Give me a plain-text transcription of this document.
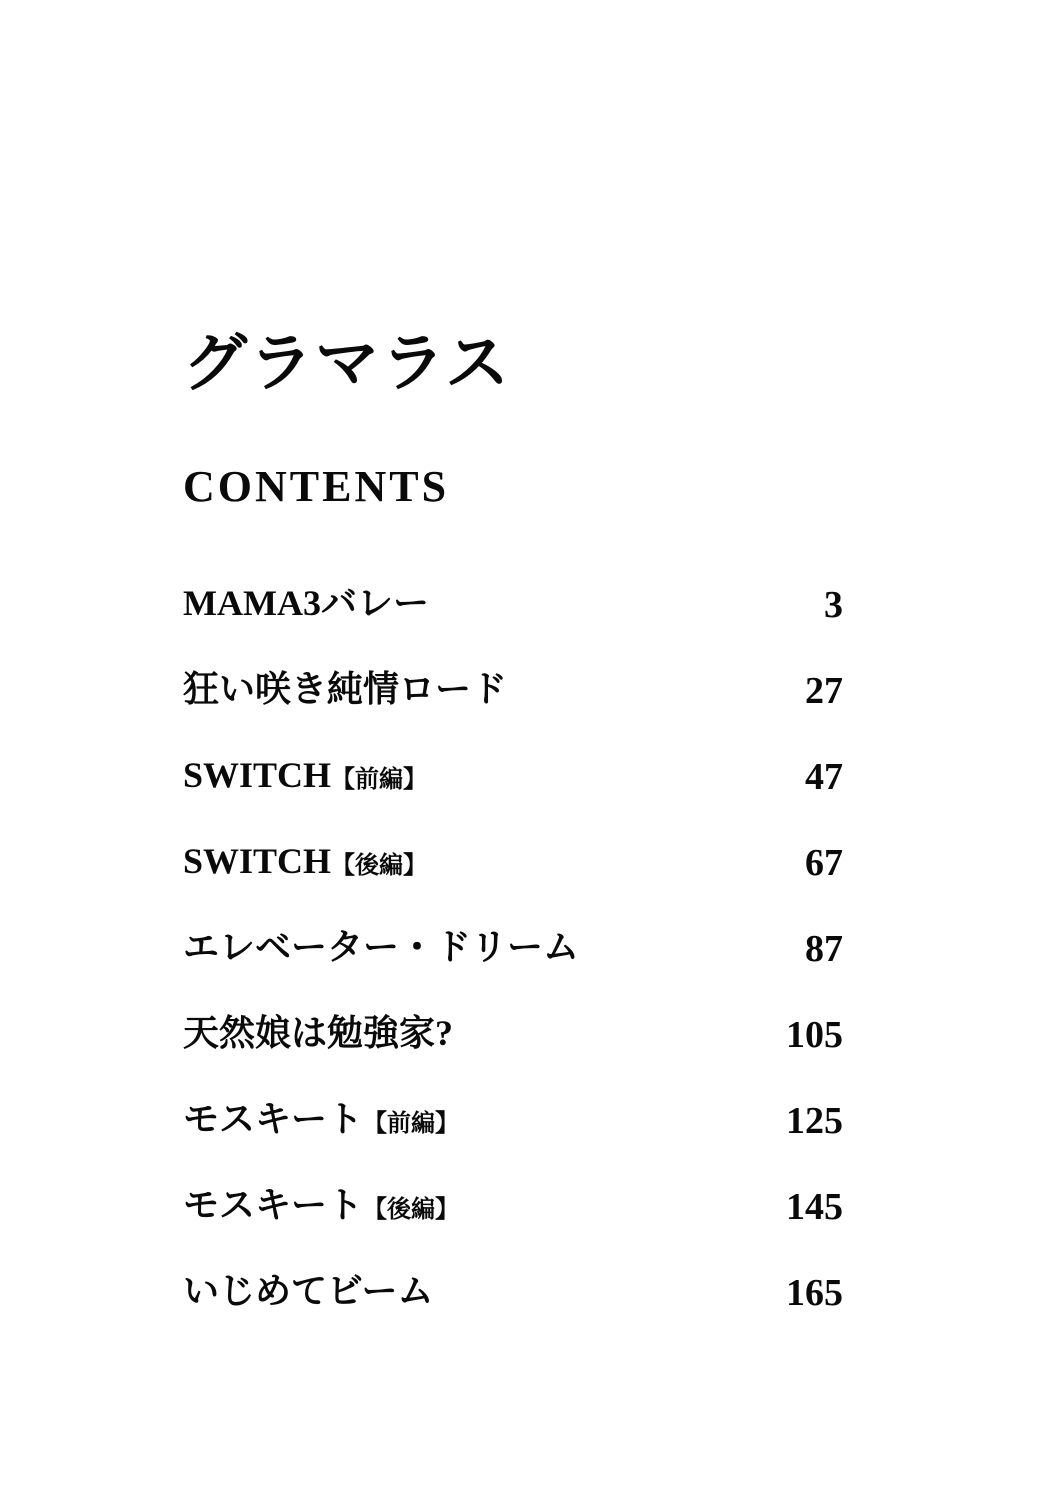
グラマラス
CONTENTS
MAMA3バレー	3
狂い咲き純情ロード	27
SWITCH【前編】	47
SWITCH【後編】	67
エレベーター・ドリーム	87
天然娘は勉強家?	105
モスキート【前編】	125
モスキート【後編】	145
いじめてビーム	165
